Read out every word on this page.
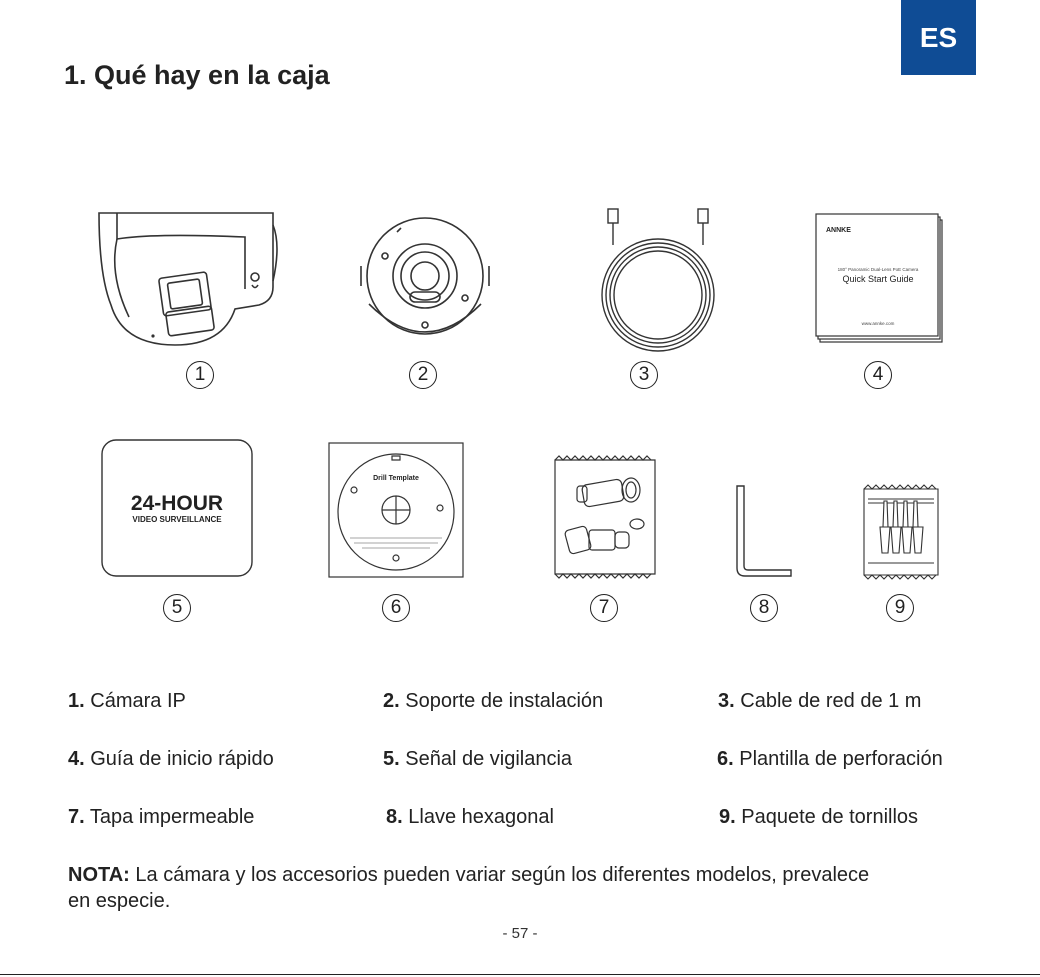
ES
1. Qué hay en la caja
ANNKE
180° Panoramic Dual-Lens PoE Camera
Quick Start Guide
www.annke.com
24-HOUR
VIDEO SURVEILLANCE
Drill Template
1	2	3	4
5	6	7	8	9
1. Cámara IP	2. Soporte de instalación	3. Cable de red de 1 m
4. Guía de inicio rápido	5. Señal de vigilancia	6. Plantilla de perforación
7. Tapa impermeable	8. Llave hexagonal	9. Paquete de tornillos
NOTA: La cámara y los accesorios pueden variar según los diferentes modelos, prevalece en especie.
- 57 -
